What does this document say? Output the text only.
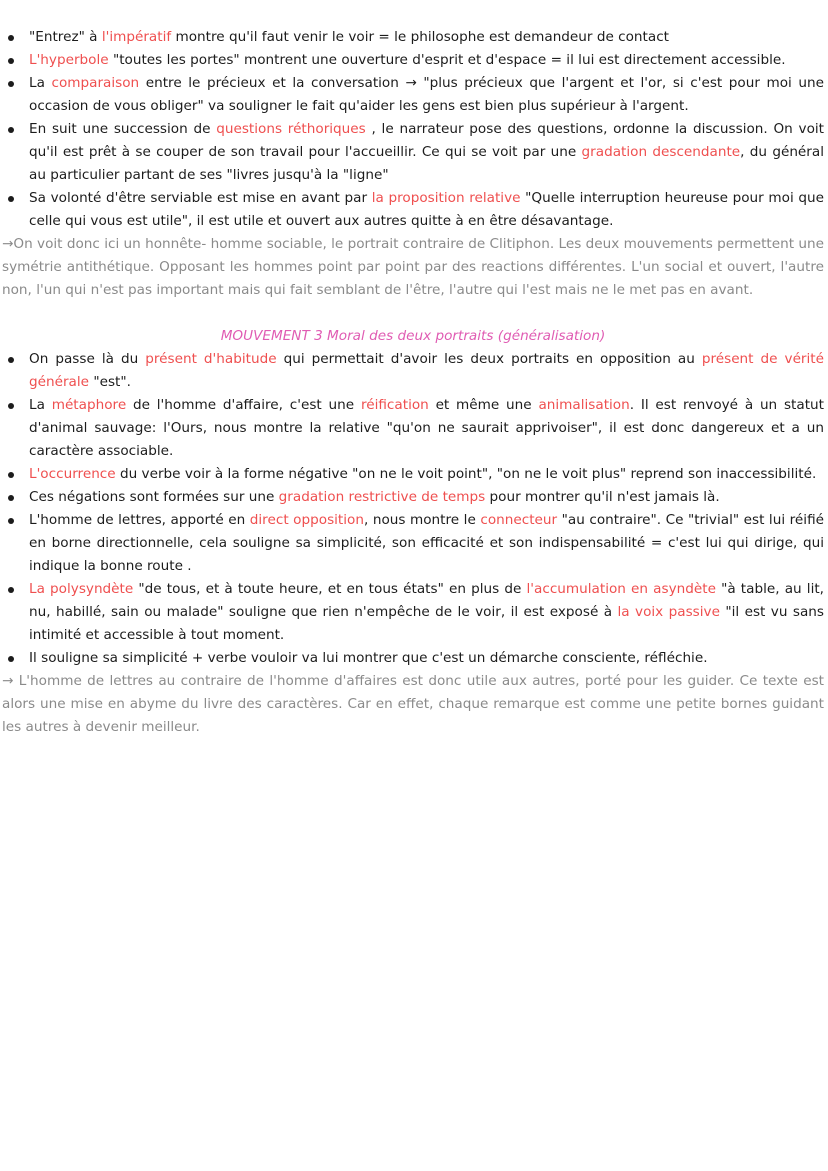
"Entrez" à l'impératif montre qu'il faut venir le voir = le philosophe est demandeur de contact
L'hyperbole "toutes les portes" montrent une ouverture d'esprit et d'espace = il lui est directement accessible.
La comparaison entre le précieux et la conversation → "plus précieux que l'argent et l'or, si c'est pour moi une occasion de vous obliger" va souligner le fait qu'aider les gens est bien plus supérieur à l'argent.
En suit une succession de questions réthoriques , le narrateur pose des questions, ordonne la discussion. On voit qu'il est prêt à se couper de son travail pour l'accueillir. Ce qui se voit par une gradation descendante, du général au particulier partant de ses "livres jusqu'à la "ligne"
Sa volonté d'être serviable est mise en avant par la proposition relative "Quelle interruption heureuse pour moi que celle qui vous est utile", il est utile et ouvert aux autres quitte à en être désavantage.

→On voit donc ici un honnête- homme sociable, le portrait contraire de Clitiphon. Les deux mouvements permettent une symétrie antithétique. Opposant les hommes point par point par des reactions différentes. L'un social et ouvert, l'autre non, l'un qui n'est pas important mais qui fait semblant de l'être, l'autre qui l'est mais ne le met pas en avant.

MOUVEMENT 3 Moral des deux portraits (généralisation)

On passe là du présent d'habitude qui permettait d'avoir les deux portraits en opposition au présent de vérité générale "est".
La métaphore de l'homme d'affaire, c'est une réification et même une animalisation. Il est renvoyé à un statut d'animal sauvage: l'Ours, nous montre la relative "qu'on ne saurait apprivoiser", il est donc dangereux et a un caractère associable.
L'occurrence du verbe voir à la forme négative "on ne le voit point", "on ne le voit plus" reprend son inaccessibilité.
Ces négations sont formées sur une gradation restrictive de temps pour montrer qu'il n'est jamais là.
L'homme de lettres, apporté en direct opposition, nous montre le connecteur "au contraire". Ce "trivial" est lui réifié en borne directionnelle, cela souligne sa simplicité, son efficacité et son indispensabilité = c'est lui qui dirige, qui indique la bonne route .
La polysyndète "de tous, et à toute heure, et en tous états" en plus de l'accumulation en asyndète "à table, au lit, nu, habillé, sain ou malade" souligne que rien n'empêche de le voir, il est exposé à la voix passive "il est vu sans intimité et accessible à tout moment.
Il souligne sa simplicité + verbe vouloir va lui montrer que c'est un démarche consciente, réfléchie.

→ L'homme de lettres au contraire de l'homme d'affaires est donc utile aux autres, porté pour les guider. Ce texte est alors une mise en abyme du livre des caractères. Car en effet, chaque remarque est comme une petite bornes guidant les autres à devenir meilleur.
